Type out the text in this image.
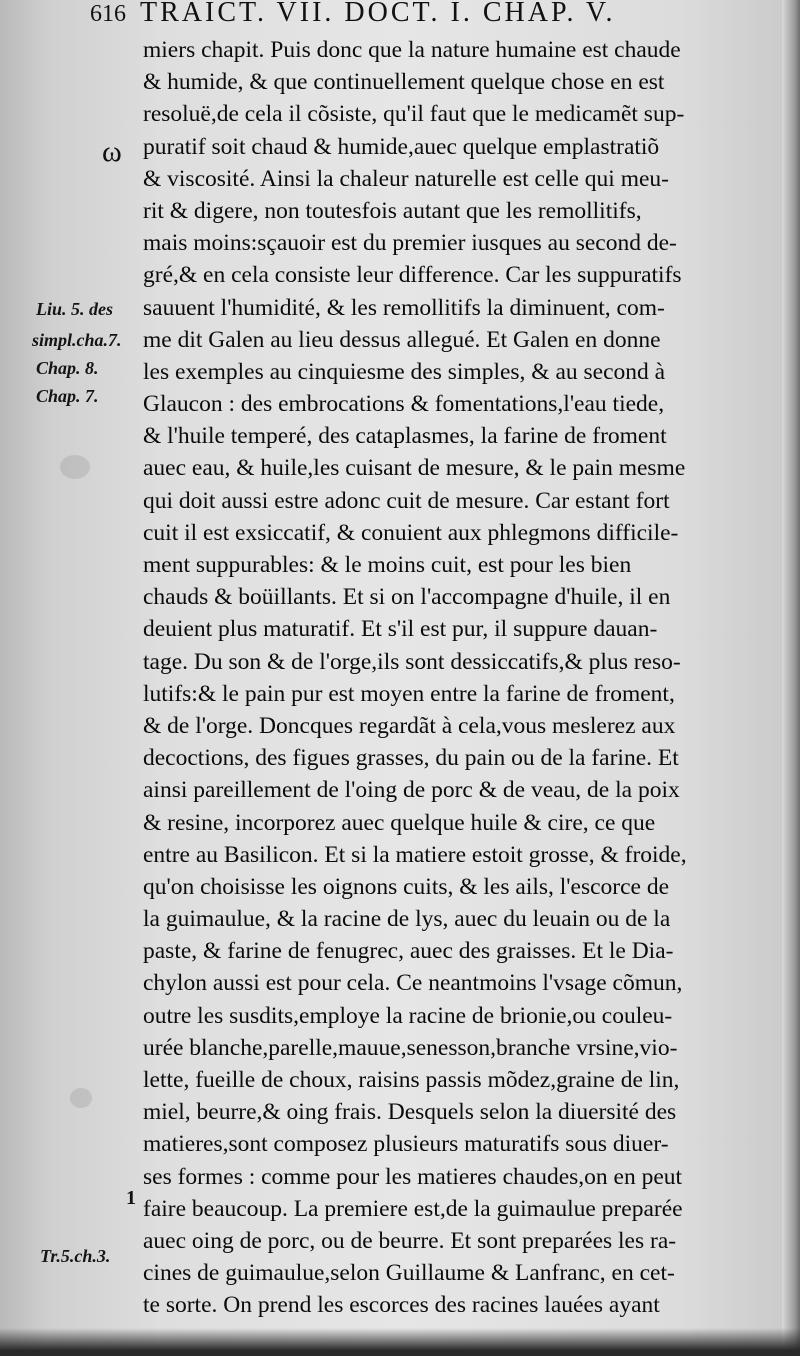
616 TRAICT. VII. DOCT. I. CHAP. V.
ω
1
Liu. 5. des
simpl.cha.7.
Chap. 8.
Chap. 7.
Tr.5.ch.3.
miers chapit. Puis donc que la nature humaine est chaude
& humide, & que continuellement quelque chose en est
resoluë,de cela il cõsiste, qu'il faut que le medicamẽt sup-
puratif soit chaud & humide,auec quelque emplastratiõ
& viscosité. Ainsi la chaleur naturelle est celle qui meu-
rit & digere, non toutesfois autant que les remollitifs,
mais moins:sçauoir est du premier iusques au second de-
gré,& en cela consiste leur difference. Car les suppuratifs
sauuent l'humidité, & les remollitifs la diminuent, com-
me dit Galen au lieu dessus allegué. Et Galen en donne
les exemples au cinquiesme des simples, & au second à
Glaucon : des embrocations & fomentations,l'eau tiede,
& l'huile temperé, des cataplasmes, la farine de froment
auec eau, & huile,les cuisant de mesure, & le pain mesme
qui doit aussi estre adonc cuit de mesure. Car estant fort
cuit il est exsiccatif, & conuient aux phlegmons difficile-
ment suppurables: & le moins cuit, est pour les bien
chauds & boüillants. Et si on l'accompagne d'huile, il en
deuient plus maturatif. Et s'il est pur, il suppure dauan-
tage. Du son & de l'orge,ils sont dessiccatifs,& plus reso-
lutifs:& le pain pur est moyen entre la farine de froment,
& de l'orge. Doncques regardãt à cela,vous meslerez aux
decoctions, des figues grasses, du pain ou de la farine. Et
ainsi pareillement de l'oing de porc & de veau, de la poix
& resine, incorporez auec quelque huile & cire, ce que
entre au Basilicon. Et si la matiere estoit grosse, & froide,
qu'on choisisse les oignons cuits, & les ails, l'escorce de
la guimaulue, & la racine de lys, auec du leuain ou de la
paste, & farine de fenugrec, auec des graisses. Et le Dia-
chylon aussi est pour cela. Ce neantmoins l'vsage cõmun,
outre les susdits,employe la racine de brionie,ou couleu-
urée blanche,parelle,mauue,senesson,branche vrsine,vio-
lette, fueille de choux, raisins passis mõdez,graine de lin,
miel, beurre,& oing frais. Desquels selon la diuersité des
matieres,sont composez plusieurs maturatifs sous diuer-
ses formes : comme pour les matieres chaudes,on en peut
faire beaucoup. La premiere est,de la guimaulue preparée
auec oing de porc, ou de beurre. Et sont preparées les ra-
cines de guimaulue,selon Guillaume & Lanfranc, en cet-
te sorte. On prend les escorces des racines lauées ayant
